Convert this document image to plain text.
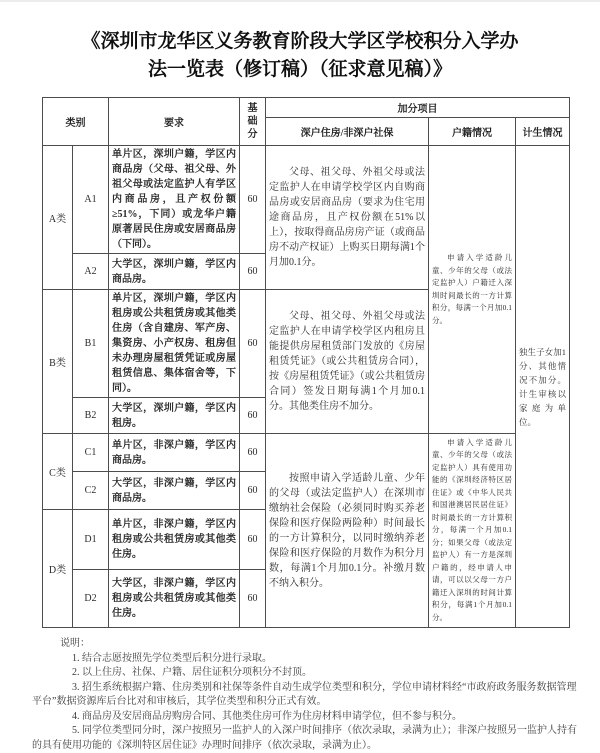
《深圳市龙华区义务教育阶段大学区学校积分入学办
法一览表（修订稿）（征求意见稿）》
类别		要求	基础分	加分项目		
				深户住房/非深户社保	户籍情况	计生情况
A类	A1	单片区，深圳户籍，学区内商品房（父母、祖父母、外祖父母或法定监护人有学区内商品房，且产权份额≥51%，下同）或龙华户籍原著居民住房或安居商品房（下同）。	60	父母、祖父母、外祖父母或法定监护人在申请学校学区内自购商品房或安居商品房（要求为住宅用途商品房，且产权份额在51%以上），按取得商品房房产证（或商品房不动产权证）上购买日期每满1个月加0.1分。	申请入学适龄儿童、少年的父母（或法定监护人）户籍迁入深圳时间最长的一方计算积分，每满一个月加0.1分。	独生子女加1分、其他情况不加分。计生审核以家庭为单位。
	A2	大学区，深圳户籍，学区内商品房。	60			
B类	B1	单片区，深圳户籍，学区内租房或公共租赁房或其他类住房（含自建房、军产房、集资房、小产权房、租房但未办理房屋租赁凭证或房屋租赁信息、集体宿舍等，下同）。	60	父母、祖父母、外祖父母或法定监护人在申请学校学区内租房且能提供房屋租赁部门发放的《房屋租赁凭证》（或公共租赁房合同），按《房屋租赁凭证》（或公共租赁房合同）签发日期每满1个月加0.1分。其他类住房不加分。		
	B2	大学区，深圳户籍，学区内租房。	60			
C类	C1	单片区，非深户籍，学区内商品房。	60	按照申请入学适龄儿童、少年的父母（或法定监护人）在深圳市缴纳社会保险（必须同时购买养老保险和医疗保险两险种）时间最长的一方计算积分，以同时缴纳养老保险和医疗保险的月数作为积分月数，每满1个月加0.1分。补缴月数不纳入积分。	申请入学适龄儿童、少年的父母（或法定监护人）具有使用功能的《深圳经济特区居住证》或《中华人民共和国港澳居民居住证》时间最长的一方计算积分，每满一个月加0.1分；如果父母（或法定监护人）有一方是深圳户籍的，经申请人申请，可以以父母一方户籍迁入深圳的时间计算积分，每满1个月加0.1分。	
	C2	大学区，非深户籍，学区内商品房。	60			
D类	D1	单片区，非深户籍，学区内租房或公共租赁房或其他类住房。	60			
	D2	大学区，非深户籍，学区内租房或公共租赁房或其他类住房。	60			

说明：

1. 结合志愿按照先学位类型后积分进行录取。

2. 以上住房、社保、户籍、居住证积分项积分不封顶。

3. 招生系统根据户籍、住房类别和社保等条件自动生成学位类型和积分，学位申请材料经“市政府政务服务数据管理平台”数据资源库后台比对和审核后，其学位类型和积分正式有效。

4. 商品房及安居商品房购房合同、其他类住房可作为住房材料申请学位，但不参与积分。

5. 同学位类型同分时，深户按照另一监护人的入深户时间排序（依次录取，录满为止）；非深户按照另一监护人持有的具有使用功能的《深圳特区居住证》办理时间排序（依次录取，录满为止）。
